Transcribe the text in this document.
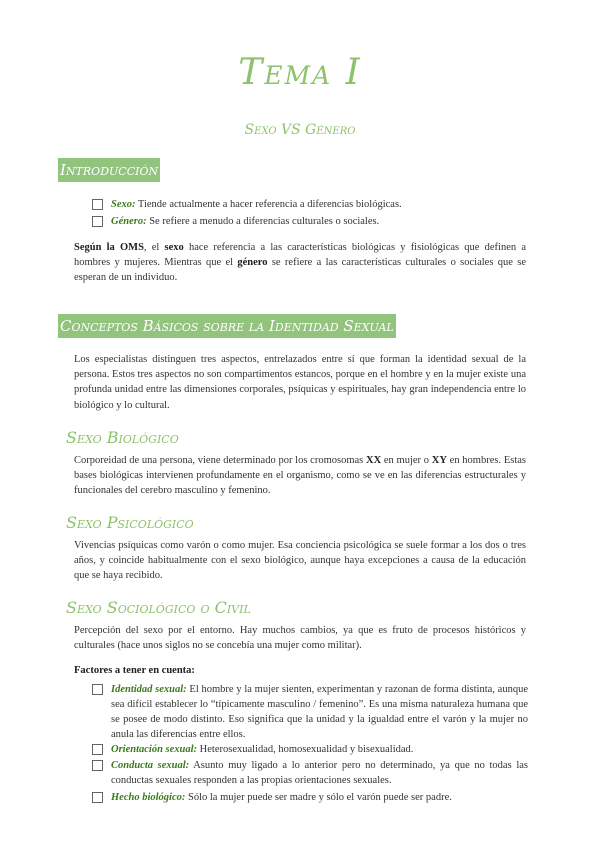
Tema I
Sexo VS Género
Introducción
Sexo: Tiende actualmente a hacer referencia a diferencias biológicas.
Género: Se refiere a menudo a diferencias culturales o sociales.
Según la OMS, el sexo hace referencia a las características biológicas y fisiológicas que definen a hombres y mujeres. Mientras que el género se refiere a las características culturales o sociales que se esperan de un individuo.
Conceptos Básicos sobre la Identidad Sexual
Los especialistas distinguen tres aspectos, entrelazados entre sí que forman la identidad sexual de la persona. Estos tres aspectos no son compartimentos estancos, porque en el hombre y en la mujer existe una profunda unidad entre las dimensiones corporales, psíquicas y espirituales, hay gran independencia entre lo biológico y lo cultural.
Sexo Biológico
Corporeidad de una persona, viene determinado por los cromosomas XX en mujer o XY en hombres. Estas bases biológicas intervienen profundamente en el organismo, como se ve en las diferencias estructurales y funcionales del cerebro masculino y femenino.
Sexo Psicológico
Vivencias psíquicas como varón o como mujer. Esa conciencia psicológica se suele formar a los dos o tres años, y coincide habitualmente con el sexo biológico, aunque haya excepciones a causa de la educación que se haya recibido.
Sexo Sociológico o Civil
Percepción del sexo por el entorno. Hay muchos cambios, ya que es fruto de procesos históricos y culturales (hace unos siglos no se concebía una mujer como militar).
Factores a tener en cuenta:
Identidad sexual: El hombre y la mujer sienten, experimentan y razonan de forma distinta, aunque sea difícil establecer lo “típicamente masculino / femenino”. Es una misma naturaleza humana que se posee de modo distinto. Eso significa que la unidad y la igualdad entre el varón y la mujer no anula las diferencias entre ellos.
Orientación sexual: Heterosexualidad, homosexualidad y bisexualidad.
Conducta sexual: Asunto muy ligado a lo anterior pero no determinado, ya que no todas las conductas sexuales responden a las propias orientaciones sexuales.
Hecho biológico: Sólo la mujer puede ser madre y sólo el varón puede ser padre.
